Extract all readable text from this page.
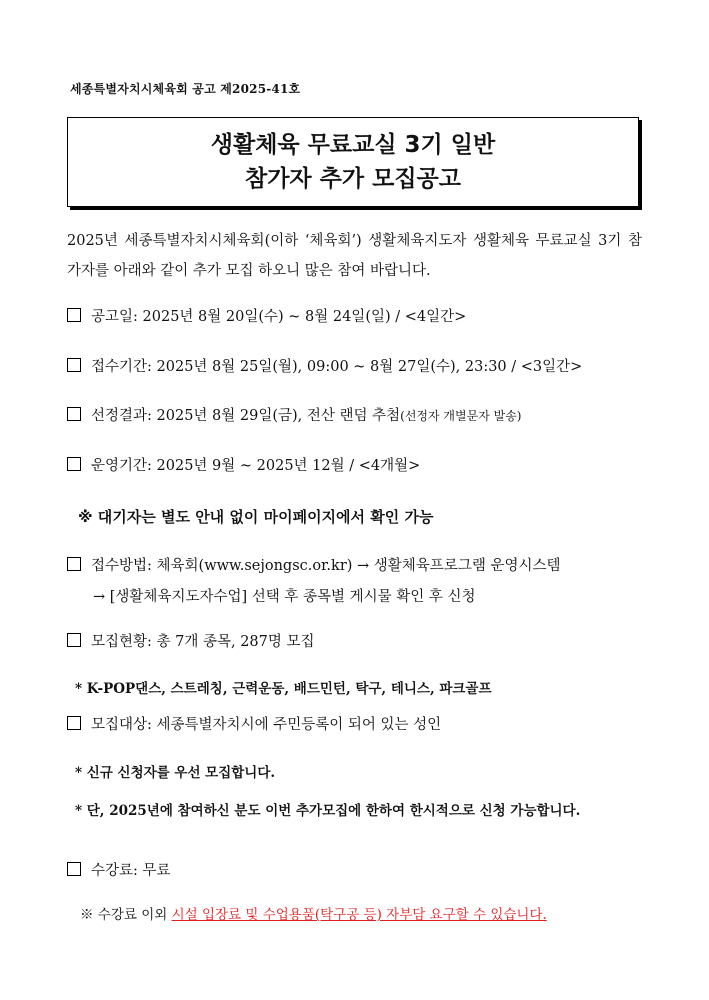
세종특별자치시체육회 공고 제2025-41호
생활체육 무료교실 3기 일반
참가자 추가 모집공고
2025년 세종특별자치시체육회(이하 ‘체육회’) 생활체육지도자 생활체육 무료교실 3기 참가자를 아래와 같이 추가 모집 하오니 많은 참여 바랍니다.
공고일: 2025년 8월 20일(수) ~ 8월 24일(일) / <4일간>
접수기간: 2025년 8월 25일(월), 09:00 ~ 8월 27일(수), 23:30 / <3일간>
선정결과: 2025년 8월 29일(금), 전산 랜덤 추첨(선정자 개별문자 발송)
운영기간: 2025년 9월 ~ 2025년 12월 / <4개월>
※ 대기자는 별도 안내 없이 마이페이지에서 확인 가능
접수방법: 체육회(www.sejongsc.or.kr) → 생활체육프로그램 운영시스템
→ [생활체육지도자수업] 선택 후 종목별 게시물 확인 후 신청
모집현황: 총 7개 종목, 287명 모집
* K-POP댄스, 스트레칭, 근력운동, 배드민턴, 탁구, 테니스, 파크골프
모집대상: 세종특별자치시에 주민등록이 되어 있는 성인
* 신규 신청자를 우선 모집합니다.
* 단, 2025년에 참여하신 분도 이번 추가모집에 한하여 한시적으로 신청 가능합니다.
수강료: 무료
※ 수강료 이외 시설 입장료 및 수업용품(탁구공 등) 자부담 요구할 수 있습니다.
